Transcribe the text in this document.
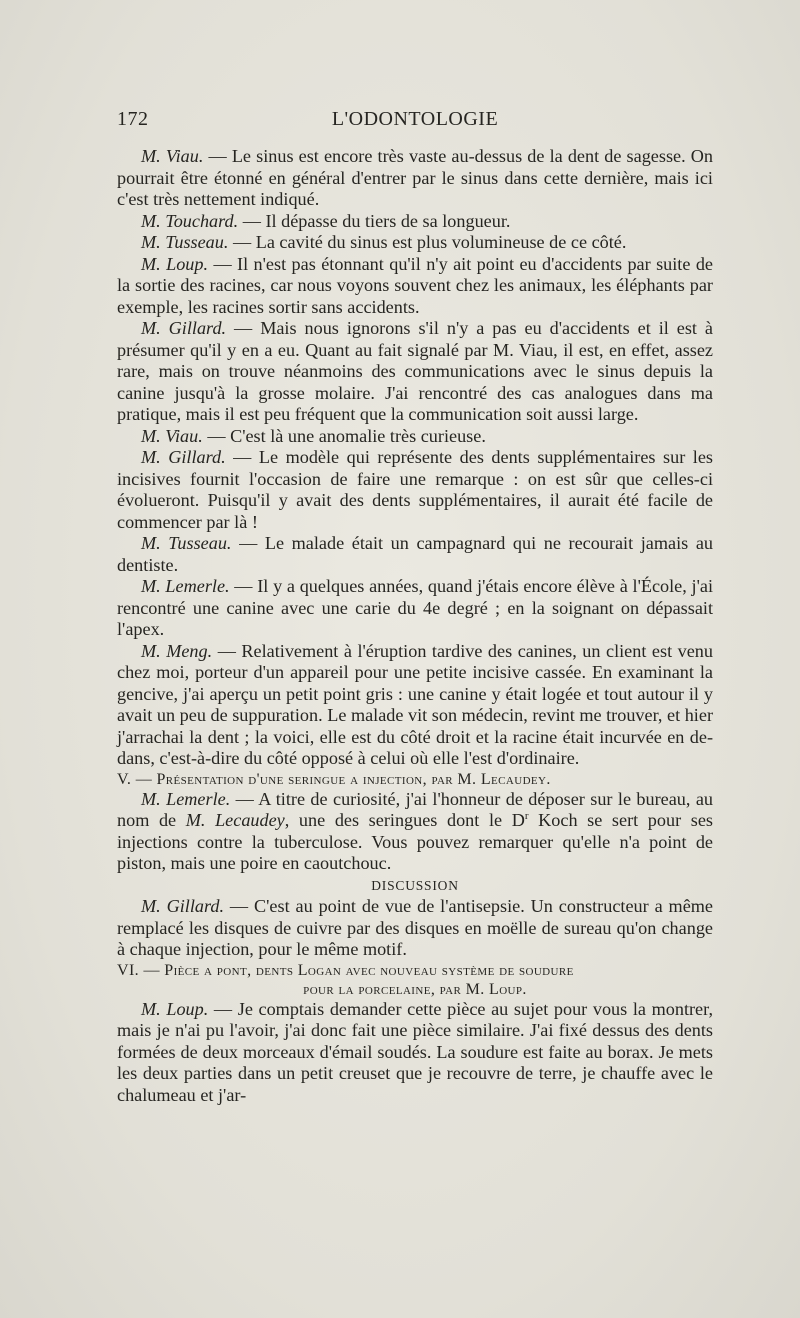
172	L'ODONTOLOGIE

M. Viau. — Le sinus est encore très vaste au-dessus de la dent de sagesse. On pourrait être étonné en général d'entrer par le sinus dans cette dernière, mais ici c'est très nettement indiqué.

M. Touchard. — Il dépasse du tiers de sa longueur.

M. Tusseau. — La cavité du sinus est plus volumineuse de ce côté.

M. Loup. — Il n'est pas étonnant qu'il n'y ait point eu d'accidents par suite de la sortie des racines, car nous voyons souvent chez les animaux, les éléphants par exemple, les racines sortir sans accidents.

M. Gillard. — Mais nous ignorons s'il n'y a pas eu d'accidents et il est à présumer qu'il y en a eu. Quant au fait signalé par M. Viau, il est, en effet, assez rare, mais on trouve néanmoins des communications avec le sinus depuis la canine jusqu'à la grosse molaire. J'ai rencontré des cas analogues dans ma pratique, mais il est peu fréquent que la communication soit aussi large.

M. Viau. — C'est là une anomalie très curieuse.

M. Gillard. — Le modèle qui représente des dents supplémentaires sur les incisives fournit l'occasion de faire une remarque : on est sûr que celles-ci évolueront. Puisqu'il y avait des dents supplémentaires, il aurait été facile de commencer par là !

M. Tusseau. — Le malade était un campagnard qui ne recourait jamais au dentiste.

M. Lemerle. — Il y a quelques années, quand j'étais encore élève à l'École, j'ai rencontré une canine avec une carie du 4e degré ; en la soignant on dépassait l'apex.

M. Meng. — Relativement à l'éruption tardive des canines, un client est venu chez moi, porteur d'un appareil pour une petite incisive cassée. En examinant la gencive, j'ai aperçu un petit point gris : une canine y était logée et tout autour il y avait un peu de suppuration. Le malade vit son médecin, revint me trouver, et hier j'arrachai la dent ; la voici, elle est du côté droit et la racine était incurvée en dedans, c'est-à-dire du côté opposé à celui où elle l'est d'ordinaire.

V. — Présentation d'une seringue a injection, par M. Lecaudey.

M. Lemerle. — A titre de curiosité, j'ai l'honneur de déposer sur le bureau, au nom de M. Lecaudey, une des seringues dont le $D^r$ Koch se sert pour ses injections contre la tuberculose. Vous pouvez remarquer qu'elle n'a point de piston, mais une poire en caoutchouc.

DISCUSSION

M. Gillard. — C'est au point de vue de l'antisepsie. Un constructeur a même remplacé les disques de cuivre par des disques en moëlle de sureau qu'on change à chaque injection, pour le même motif.

VI. — Pièce a pont, dents Logan avec nouveau système de soudure

pour la porcelaine, par M. Loup.

M. Loup. — Je comptais demander cette pièce au sujet pour vous la montrer, mais je n'ai pu l'avoir, j'ai donc fait une pièce similaire. J'ai fixé dessus des dents formées de deux morceaux d'émail soudés. La soudure est faite au borax. Je mets les deux parties dans un petit creuset que je recouvre de terre, je chauffe avec le chalumeau et j'ar-
